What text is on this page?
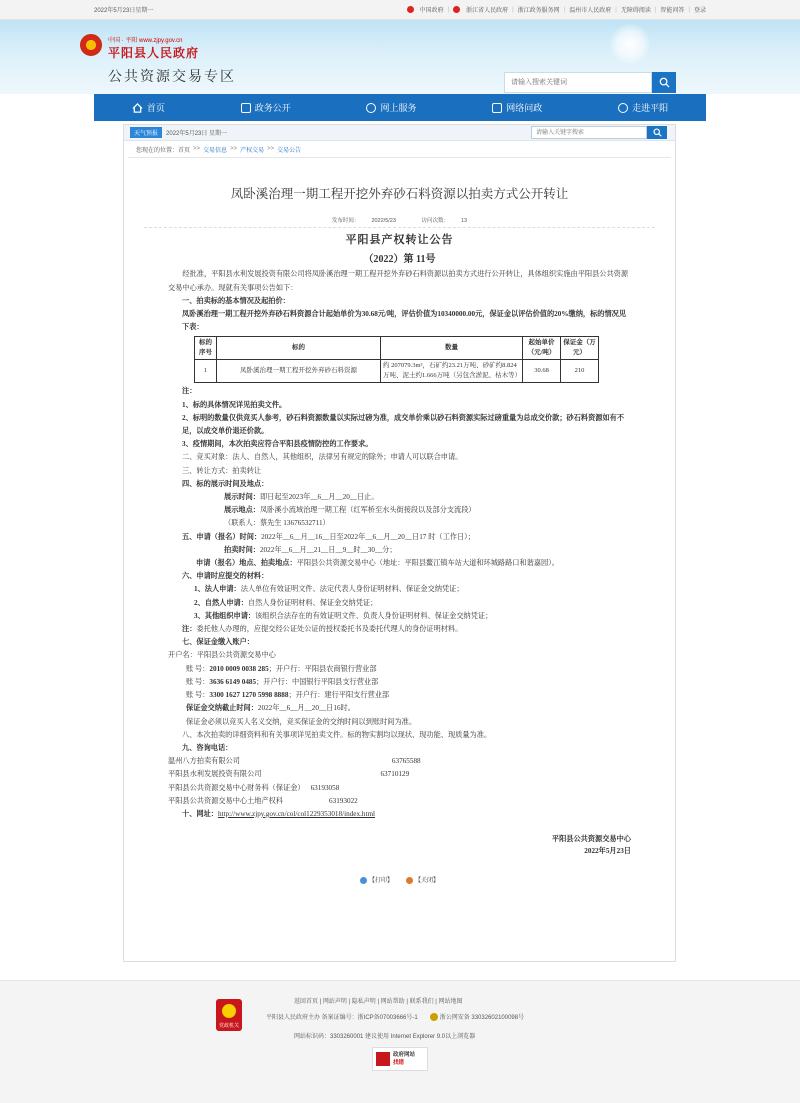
2022年5月23日星期一	中国政府 |	浙江省人民政府 | 浙江政务服务网 | 温州市人民政府 | 无障碍阅读 | 智能问答 | 登录
中国 · 平阳 www.zjpy.gov.cn
平阳县人民政府
公共资源交易专区
请输入搜索关键词
首页	政务公开	网上服务	网络问政	走进平阳
天气预报	2022年5月23日 星期一
请输入关键字搜索
您现在的位置： 首页 >> 交易信息 >> 产权交易 >> 交易公告
凤卧溪治理一期工程开挖外弃砂石料资源以拍卖方式公开转让
发布时间： 2022/5/23	访问次数： 13
平阳县产权转让公告
（2022）第 11号

经批准，平阳县水利发展投资有限公司将凤卧溪治理一期工程开挖外弃砂石料资源以拍卖方式进行公开转让，具体组织实施由平阳县公共资源交易中心承办。现就有关事项公告如下：

一、拍卖标的基本情况及起拍价：

凤卧溪治理一期工程开挖外弃砂石料资源合计起始单价为30.68元/吨，评估价值为10340000.00元，保证金以评估价值的20%缴纳，标的情况见下表：

标的序号	标的	数量	起始单价（元/吨）	保证金（万元）
1	凤卧溪治理一期工程开挖外弃砂石料资源	约 207079.3m³，石矿约23.21万吨、砂矿约8.824万吨、泥土约1.666万吨（另包含淤泥、枯木等）	30.68	210

注：

1、标的具体情况详见拍卖文件。

2、标明的数量仅供竞买人参考，砂石料资源数量以实际过磅为准，成交单价乘以砂石料资源实际过磅重量为总成交价款；砂石料资源如有不足，以成交单价退还价款。

3、疫情期间，本次拍卖应符合平阳县疫情防控的工作要求。

二、竞买对象：法人、自然人，其他组织，法律另有规定的除外；申请人可以联合申请。

三、转让方式：拍卖转让

四、标的展示时间及地点：

展示时间：即日起至2023年__6__月__20__日止。

展示地点：凤卧溪小流域治理一期工程（红军桥至水头街接段以及部分支流段）

（联系人：蔡先生 13676532711）

五、申请（报名）时间：2022年__6__月__16__日至2022年__6__月__20__日17 时（工作日）；

拍卖时间：2022年__6__月__21__日__9__时__30__分；

申请（报名）地点、拍卖地点：平阳县公共资源交易中心（地址：平阳县鳌江镇车站大道和环城路路口和谐嘉园）。

六、申请时应提交的材料：

1、法人申请：法人单位有效证明文件、法定代表人身份证明材料、保证金交纳凭证；

2、自然人申请：自然人身份证明材料、保证金交纳凭证；

3、其他组织申请：该组织合法存在的有效证明文件、负责人身份证明材料、保证金交纳凭证；

注：委托他人办理的，应提交经公证处公证的授权委托书及委托代理人的身份证明材料。

七、保证金缴入账户：

开户名：平阳县公共资源交易中心

账 号：2010 0009 0038 285；开户行：平阳县农商银行营业部

账 号：3636 6149 0485；开户行：中国银行平阳县支行营业部

账 号：3300 1627 1270 5998 8888；开户行：建行平阳支行营业部

保证金交纳截止时间：2022年__6__月__20__日16时。

保证金必须以竞买人名义交纳，竞买保证金的交纳时间以到账时间为准。

八、本次拍卖的详细资料和有关事项详见拍卖文件。标的物实割均以现状、现功能、现质量为准。

九、咨询电话：

温州八方拍卖有限公司	63765588

平阳县水利发展投资有限公司	63710129

平阳县公共资源交易中心财务科（保证金） 63193058

平阳县公共资源交易中心土地产权科	63193022

十、网址：http://www.zjpy.gov.cn/col/col1229353018/index.html

平阳县公共资源交易中心
2022年5月23日
【打印】	【关闭】
党政机关
返回首页 | 网站声明 | 隐私声明 | 网站帮助 | 联系我们 | 网站地图
平阳县人民政府主办 备案证编号：浙ICP备07003666号-1	浙公网安备 33032602100098号
网站标识码：3303260001 建议使用 Internet Explorer 9.0以上浏览器
政府网站
找错
